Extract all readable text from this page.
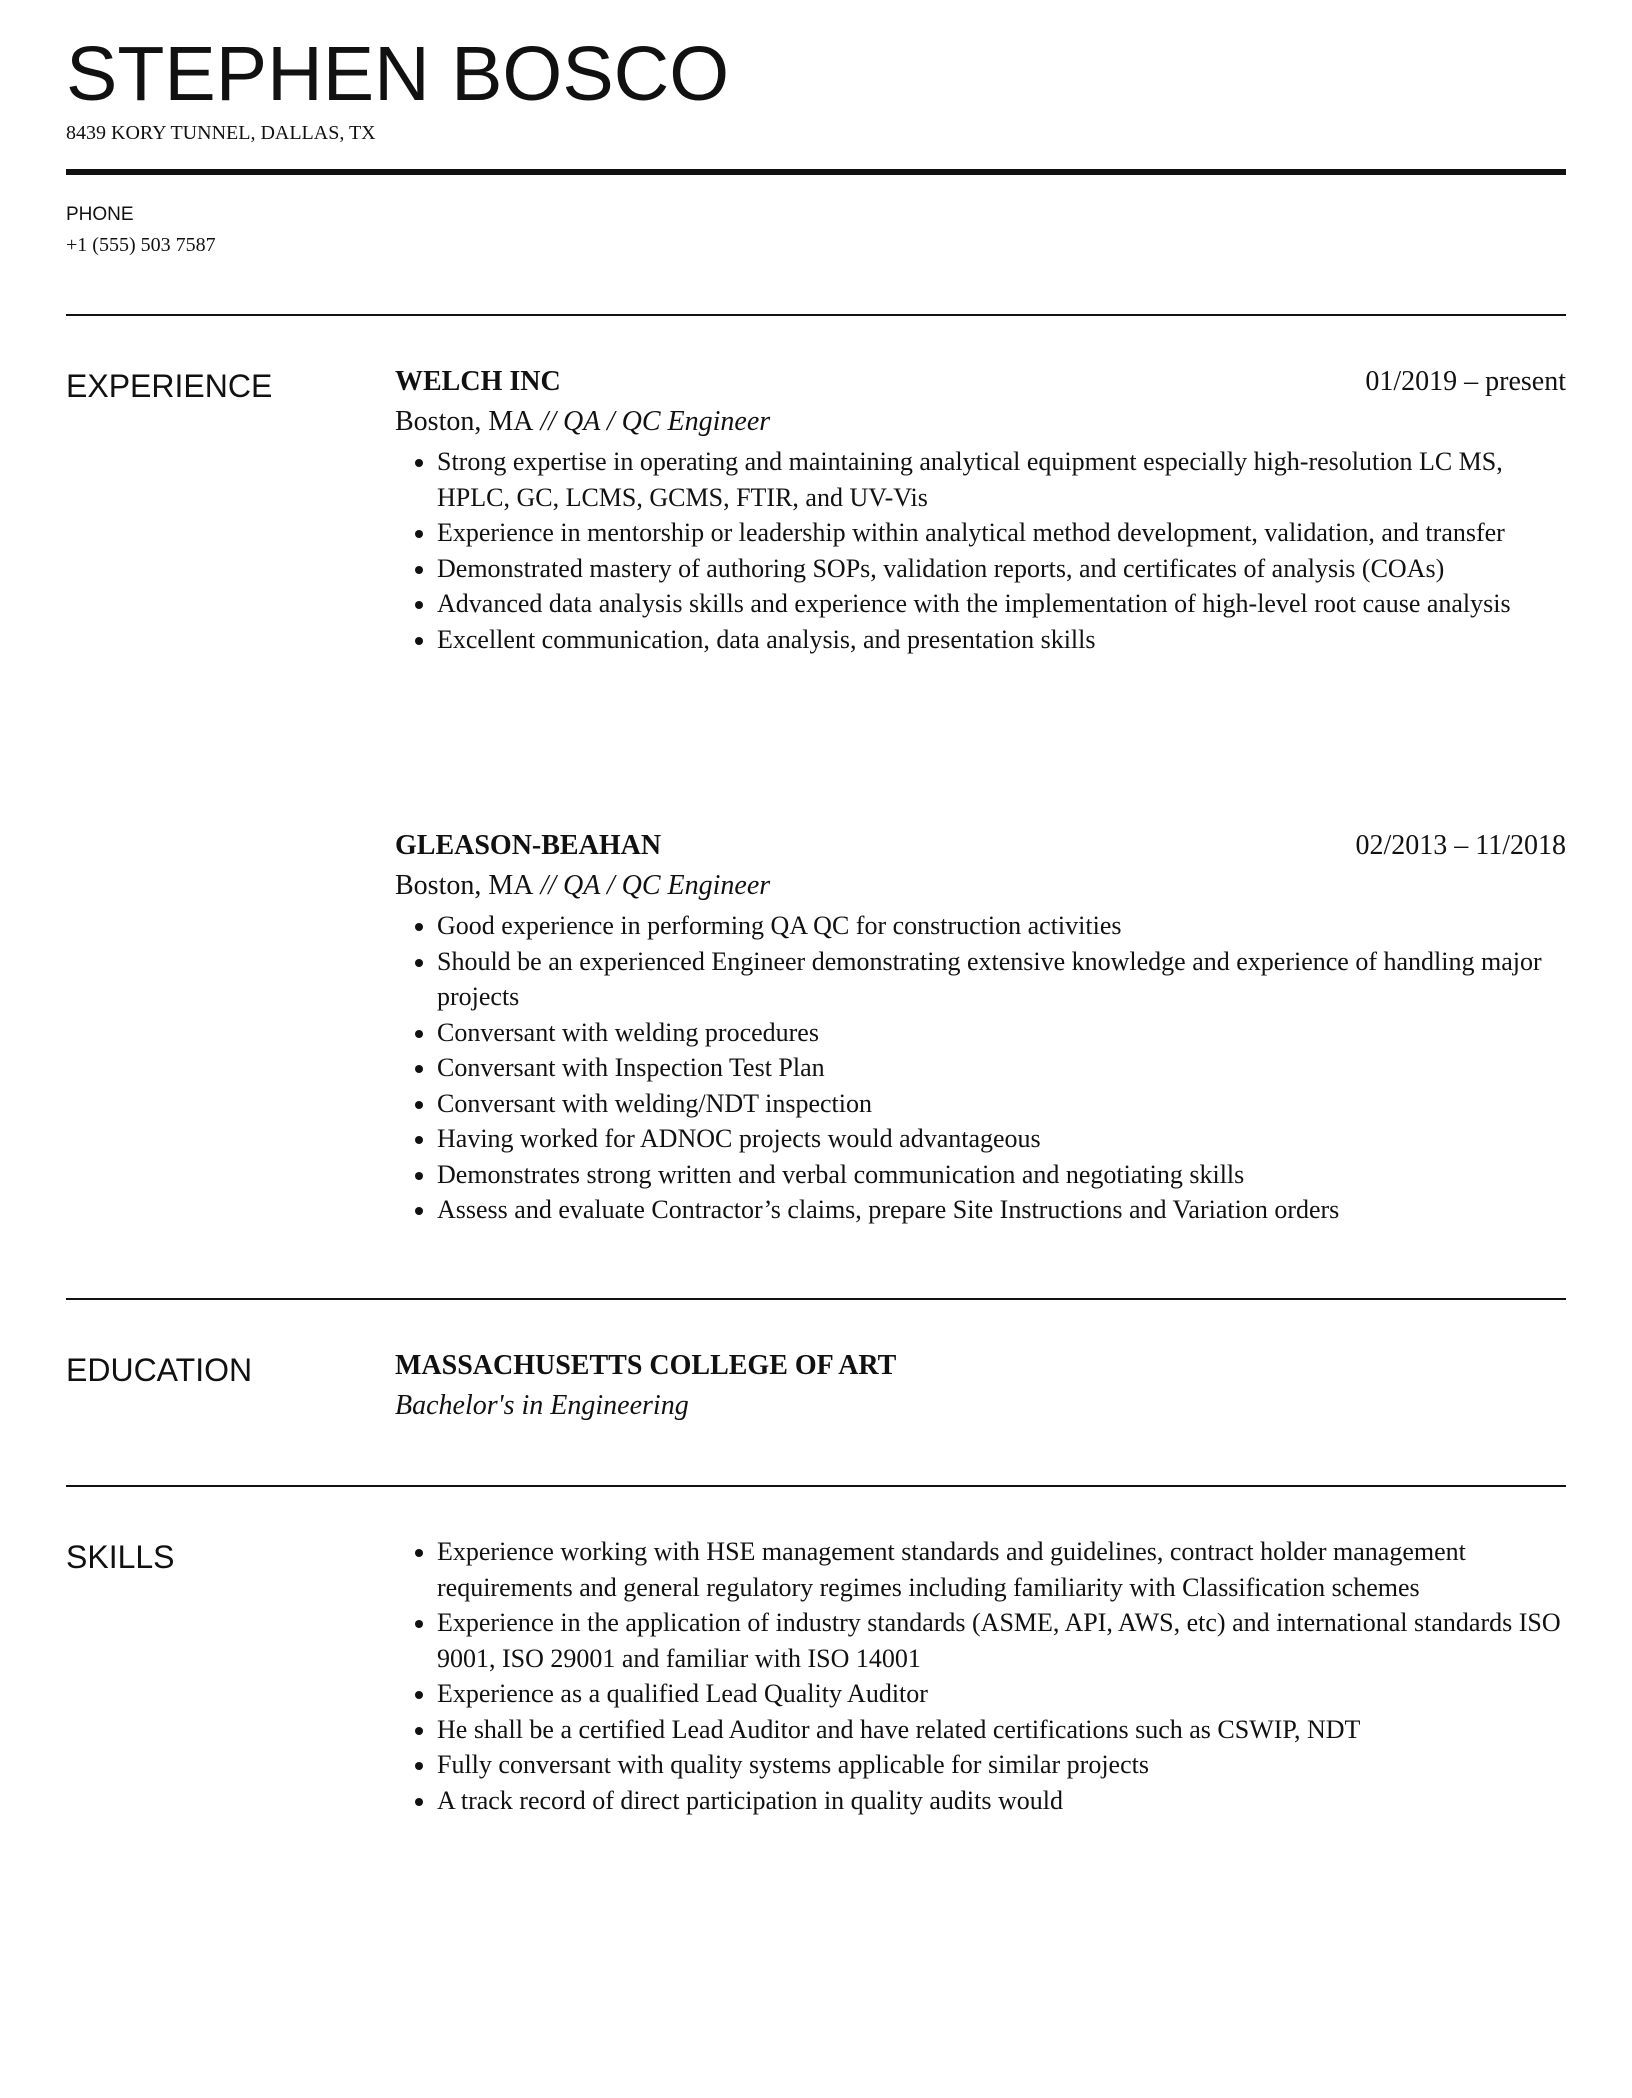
STEPHEN BOSCO
8439 KORY TUNNEL, DALLAS, TX
PHONE
+1 (555) 503 7587
EXPERIENCE	WELCH INC	01/2019 – present
Boston, MA // QA / QC Engineer
• Strong expertise in operating and maintaining analytical equipment especially high-resolution LC MS, HPLC, GC, LCMS, GCMS, FTIR, and UV-Vis
• Experience in mentorship or leadership within analytical method development, validation, and transfer
• Demonstrated mastery of authoring SOPs, validation reports, and certificates of analysis (COAs)
• Advanced data analysis skills and experience with the implementation of high-level root cause analysis
• Excellent communication, data analysis, and presentation skills
GLEASON-BEAHAN	02/2013 – 11/2018
Boston, MA // QA / QC Engineer
• Good experience in performing QA QC for construction activities
• Should be an experienced Engineer demonstrating extensive knowledge and experience of handling major projects
• Conversant with welding procedures
• Conversant with Inspection Test Plan
• Conversant with welding/NDT inspection
• Having worked for ADNOC projects would advantageous
• Demonstrates strong written and verbal communication and negotiating skills
• Assess and evaluate Contractor’s claims, prepare Site Instructions and Variation orders
EDUCATION	MASSACHUSETTS COLLEGE OF ART
Bachelor's in Engineering
SKILLS
•	Experience working with HSE management standards and guidelines, contract holder management requirements and general regulatory regimes including familiarity with Classification schemes
• Experience in the application of industry standards (ASME, API, AWS, etc) and international standards ISO 9001, ISO 29001 and familiar with ISO 14001
• Experience as a qualified Lead Quality Auditor
• He shall be a certified Lead Auditor and have related certifications such as CSWIP, NDT
• Fully conversant with quality systems applicable for similar projects
• A track record of direct participation in quality audits would
